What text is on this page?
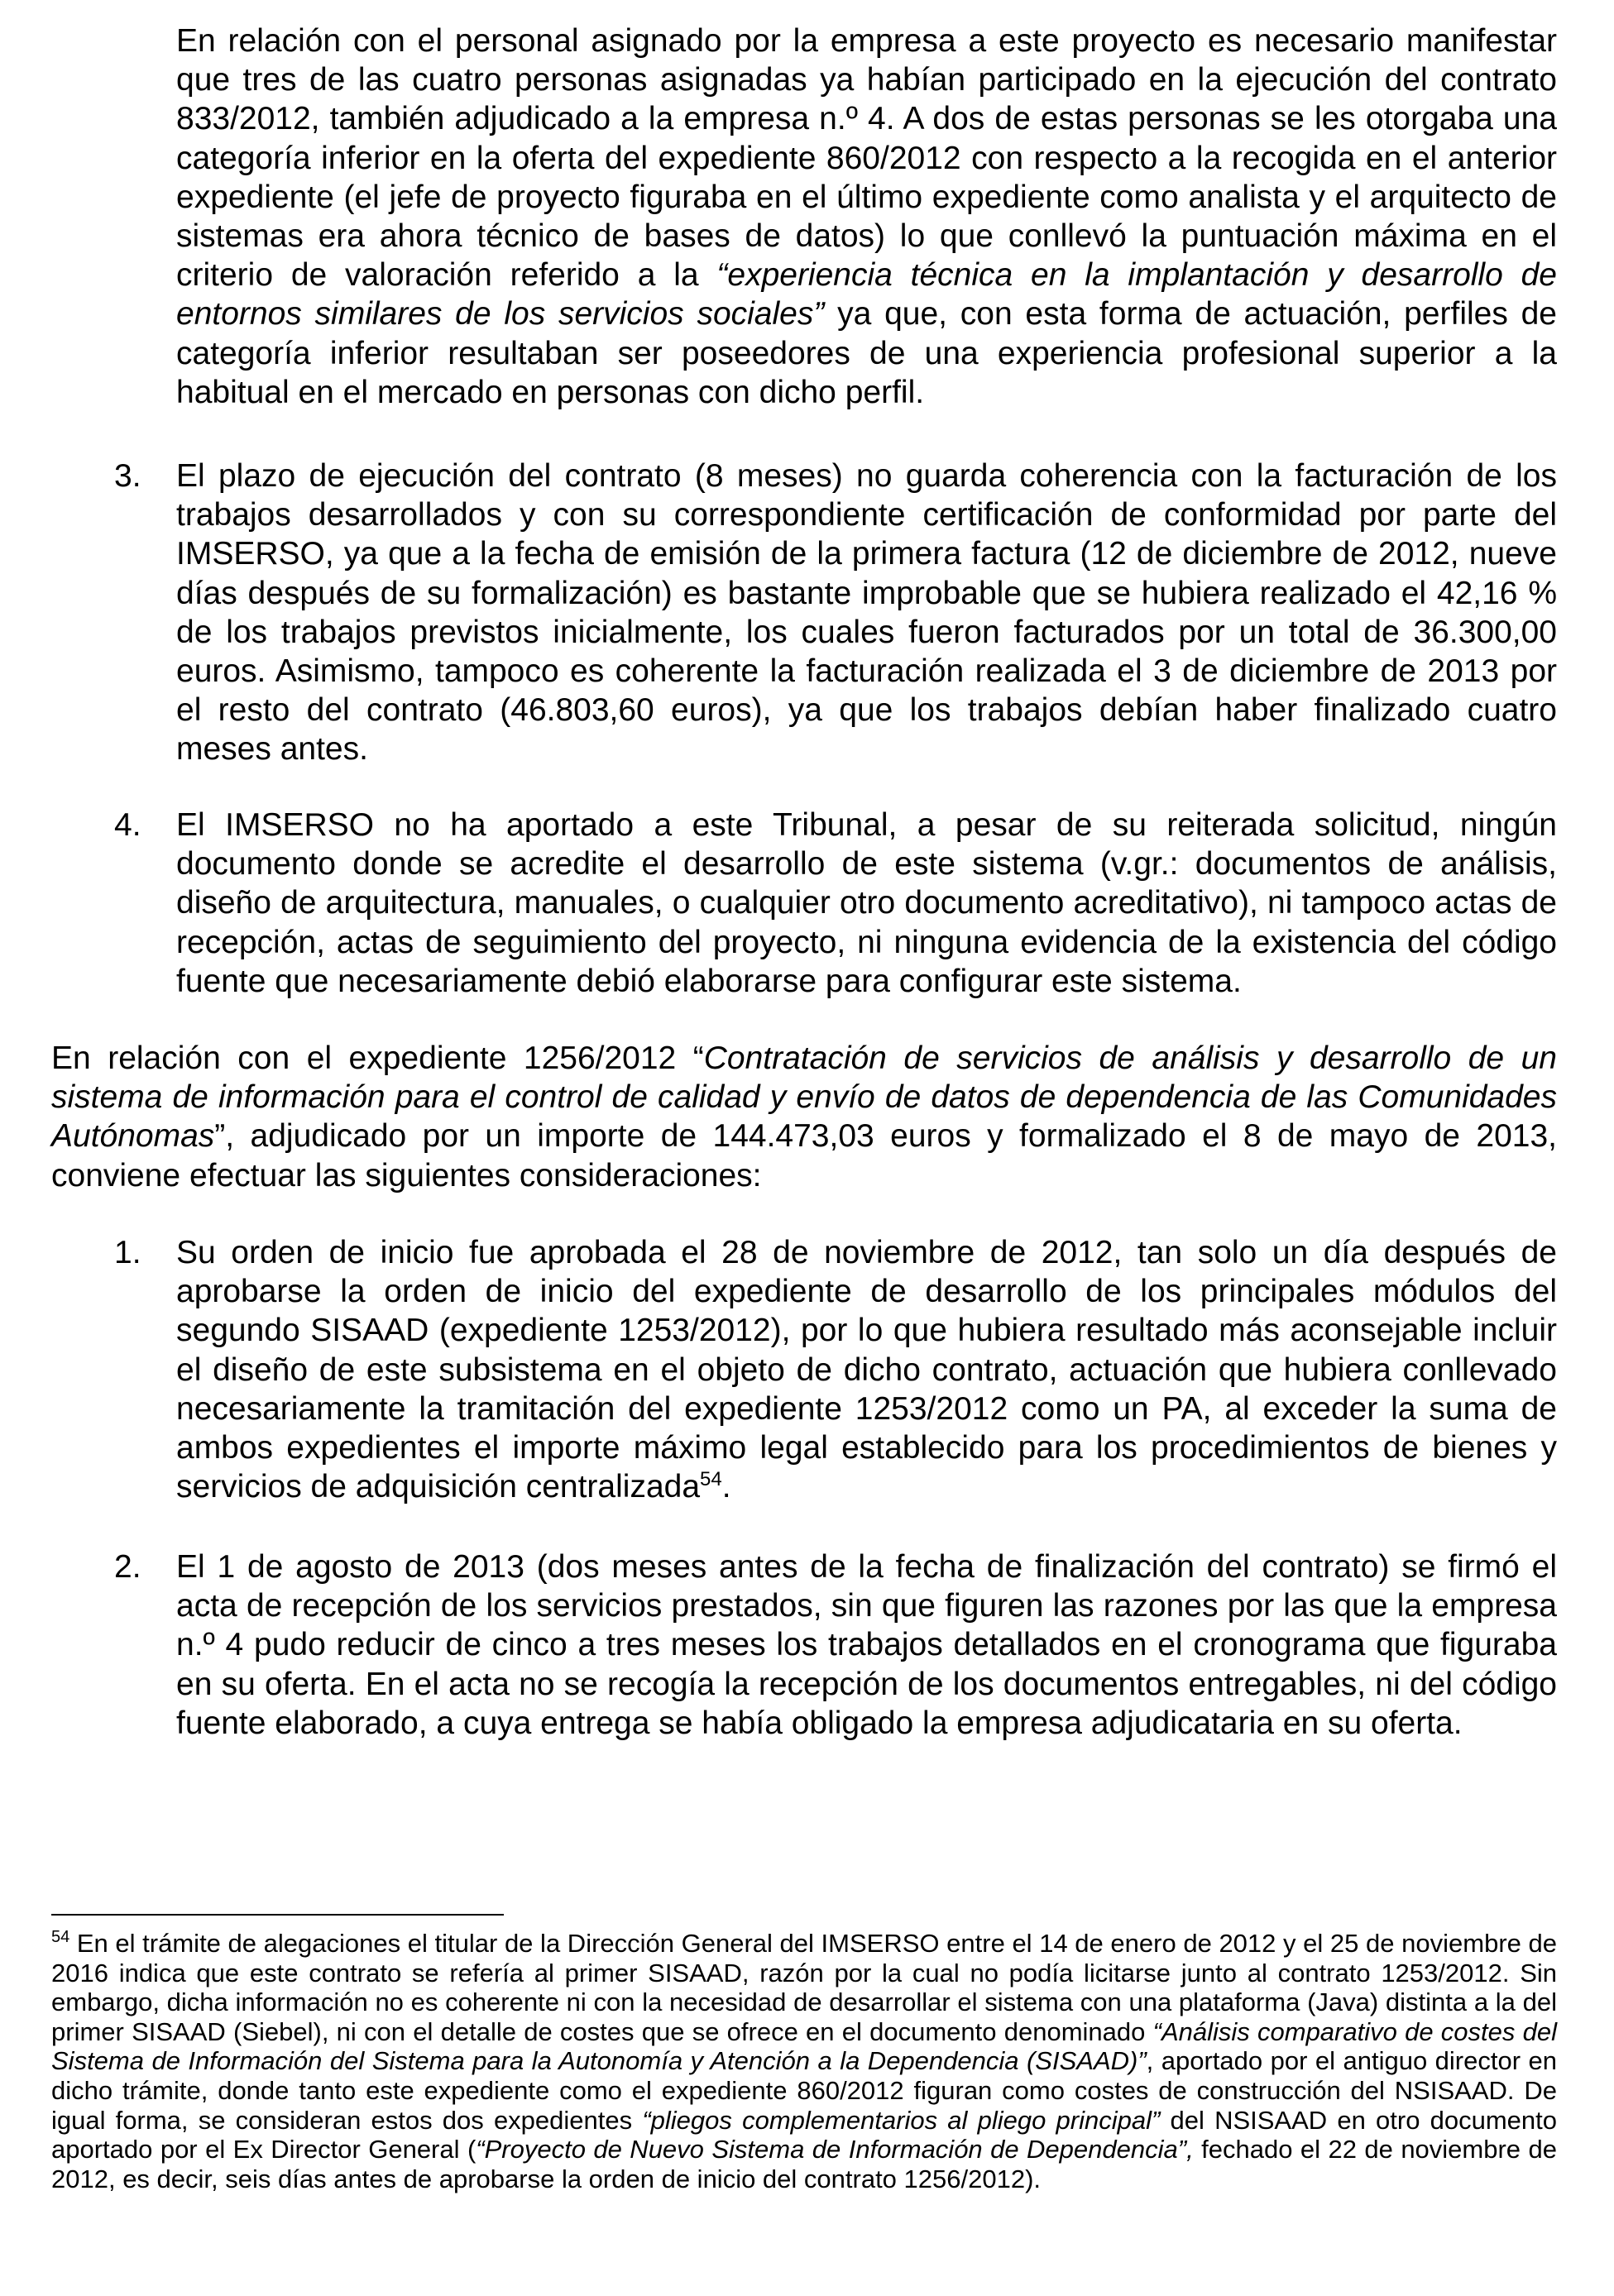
En relación con el personal asignado por la empresa a este proyecto es necesario manifestar que tres de las cuatro personas asignadas ya habían participado en la ejecución del contrato 833/2012, también adjudicado a la empresa n.º 4. A dos de estas personas se les otorgaba una categoría inferior en la oferta del expediente 860/2012 con respecto a la recogida en el anterior expediente (el jefe de proyecto figuraba en el último expediente como analista y el arquitecto de sistemas era ahora técnico de bases de datos) lo que conllevó la puntuación máxima en el criterio de valoración referido a la “experiencia técnica en la implantación y desarrollo de entornos similares de los servicios sociales” ya que, con esta forma de actuación, perfiles de categoría inferior resultaban ser poseedores de una experiencia profesional superior a la habitual en el mercado en personas con dicho perfil.

3.	El plazo de ejecución del contrato (8 meses) no guarda coherencia con la facturación de los trabajos desarrollados y con su correspondiente certificación de conformidad por parte del IMSERSO, ya que a la fecha de emisión de la primera factura (12 de diciembre de 2012, nueve días después de su formalización) es bastante improbable que se hubiera realizado el 42,16 % de los trabajos previstos inicialmente, los cuales fueron facturados por un total de 36.300,00 euros. Asimismo, tampoco es coherente la facturación realizada el 3 de diciembre de 2013 por el resto del contrato (46.803,60 euros), ya que los trabajos debían haber finalizado cuatro meses antes.

4.	El IMSERSO no ha aportado a este Tribunal, a pesar de su reiterada solicitud, ningún documento donde se acredite el desarrollo de este sistema (v.gr.: documentos de análisis, diseño de arquitectura, manuales, o cualquier otro documento acreditativo), ni tampoco actas de recepción, actas de seguimiento del proyecto, ni ninguna evidencia de la existencia del código fuente que necesariamente debió elaborarse para configurar este sistema.

En relación con el expediente 1256/2012 “Contratación de servicios de análisis y desarrollo de un sistema de información para el control de calidad y envío de datos de dependencia de las Comunidades Autónomas”, adjudicado por un importe de 144.473,03 euros y formalizado el 8 de mayo de 2013, conviene efectuar las siguientes consideraciones:

1.	Su orden de inicio fue aprobada el 28 de noviembre de 2012, tan solo un día después de aprobarse la orden de inicio del expediente de desarrollo de los principales módulos del segundo SISAAD (expediente 1253/2012), por lo que hubiera resultado más aconsejable incluir el diseño de este subsistema en el objeto de dicho contrato, actuación que hubiera conllevado necesariamente la tramitación del expediente 1253/2012 como un PA, al exceder la suma de ambos expedientes el importe máximo legal establecido para los procedimientos de bienes y servicios de adquisición centralizada$^{54}$.

2.	El 1 de agosto de 2013 (dos meses antes de la fecha de finalización del contrato) se firmó el acta de recepción de los servicios prestados, sin que figuren las razones por las que la empresa n.º 4 pudo reducir de cinco a tres meses los trabajos detallados en el cronograma que figuraba en su oferta. En el acta no se recogía la recepción de los documentos entregables, ni del código fuente elaborado, a cuya entrega se había obligado la empresa adjudicataria en su oferta.

$^{54}$ En el trámite de alegaciones el titular de la Dirección General del IMSERSO entre el 14 de enero de 2012 y el 25 de noviembre de 2016 indica que este contrato se refería al primer SISAAD, razón por la cual no podía licitarse junto al contrato 1253/2012. Sin embargo, dicha información no es coherente ni con la necesidad de desarrollar el sistema con una plataforma (Java) distinta a la del primer SISAAD (Siebel), ni con el detalle de costes que se ofrece en el documento denominado “Análisis comparativo de costes del Sistema de Información del Sistema para la Autonomía y Atención a la Dependencia (SISAAD)”, aportado por el antiguo director en dicho trámite, donde tanto este expediente como el expediente 860/2012 figuran como costes de construcción del NSISAAD. De igual forma, se consideran estos dos expedientes “pliegos complementarios al pliego principal” del NSISAAD en otro documento aportado por el Ex Director General (“Proyecto de Nuevo Sistema de Información de Dependencia”, fechado el 22 de noviembre de 2012, es decir, seis días antes de aprobarse la orden de inicio del contrato 1256/2012).
